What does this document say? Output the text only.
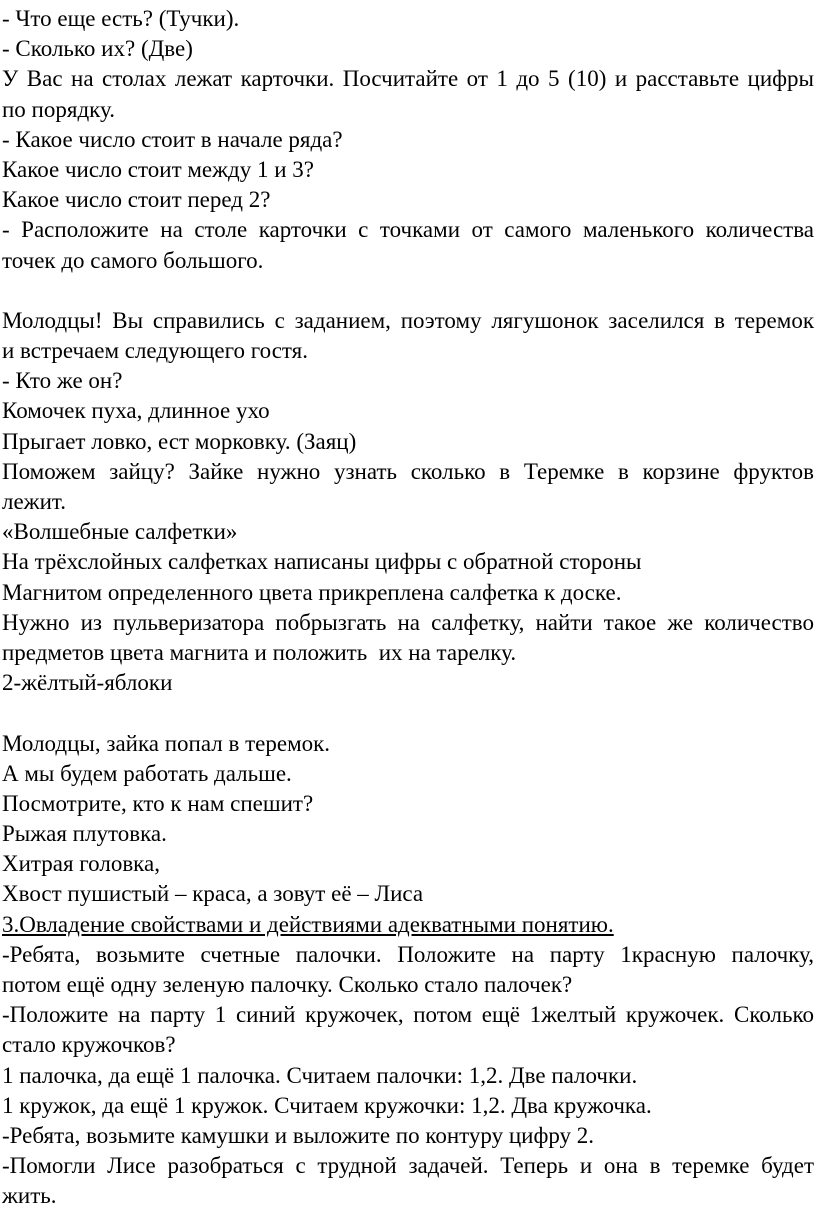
- Что еще есть? (Тучки).
- Сколько их? (Две)
У Вас на столах лежат карточки. Посчитайте от 1 до 5 (10) и расставьте цифры
по порядку.
- Какое число стоит в начале ряда?
Какое число стоит между 1 и 3?
Какое число стоит перед 2?
- Расположите на столе карточки с точками от самого маленького количества
точек до самого большого.
Молодцы! Вы справились с заданием, поэтому лягушонок заселился в теремок
и встречаем следующего гостя.
- Кто же он?
Комочек пуха, длинное ухо
Прыгает ловко, ест морковку. (Заяц)
Поможем зайцу? Зайке нужно узнать сколько в Теремке в корзине фруктов
лежит.
«Волшебные салфетки»
На трёхслойных салфетках написаны цифры с обратной стороны
Магнитом определенного цвета прикреплена салфетка к доске.
Нужно из пульверизатора побрызгать на салфетку, найти такое же количество
предметов цвета магнита и положить  их на тарелку.
2-жёлтый-яблоки
Молодцы, зайка попал в теремок.
А мы будем работать дальше.
Посмотрите, кто к нам спешит?
Рыжая плутовка.
Хитрая головка,
Хвост пушистый – краса, а зовут её – Лиса
3.Овладение свойствами и действиями адекватными понятию.
-Ребята, возьмите счетные палочки. Положите на парту 1красную палочку,
потом ещё одну зеленую палочку. Сколько стало палочек?
-Положите на парту 1 синий кружочек, потом ещё 1желтый кружочек. Сколько
стало кружочков?
1 палочка, да ещё 1 палочка. Считаем палочки: 1,2. Две палочки.
1 кружок, да ещё 1 кружок. Считаем кружочки: 1,2. Два кружочка.
-Ребята, возьмите камушки и выложите по контуру цифру 2.
-Помогли Лисе разобраться с трудной задачей. Теперь и она в теремке будет
жить.
